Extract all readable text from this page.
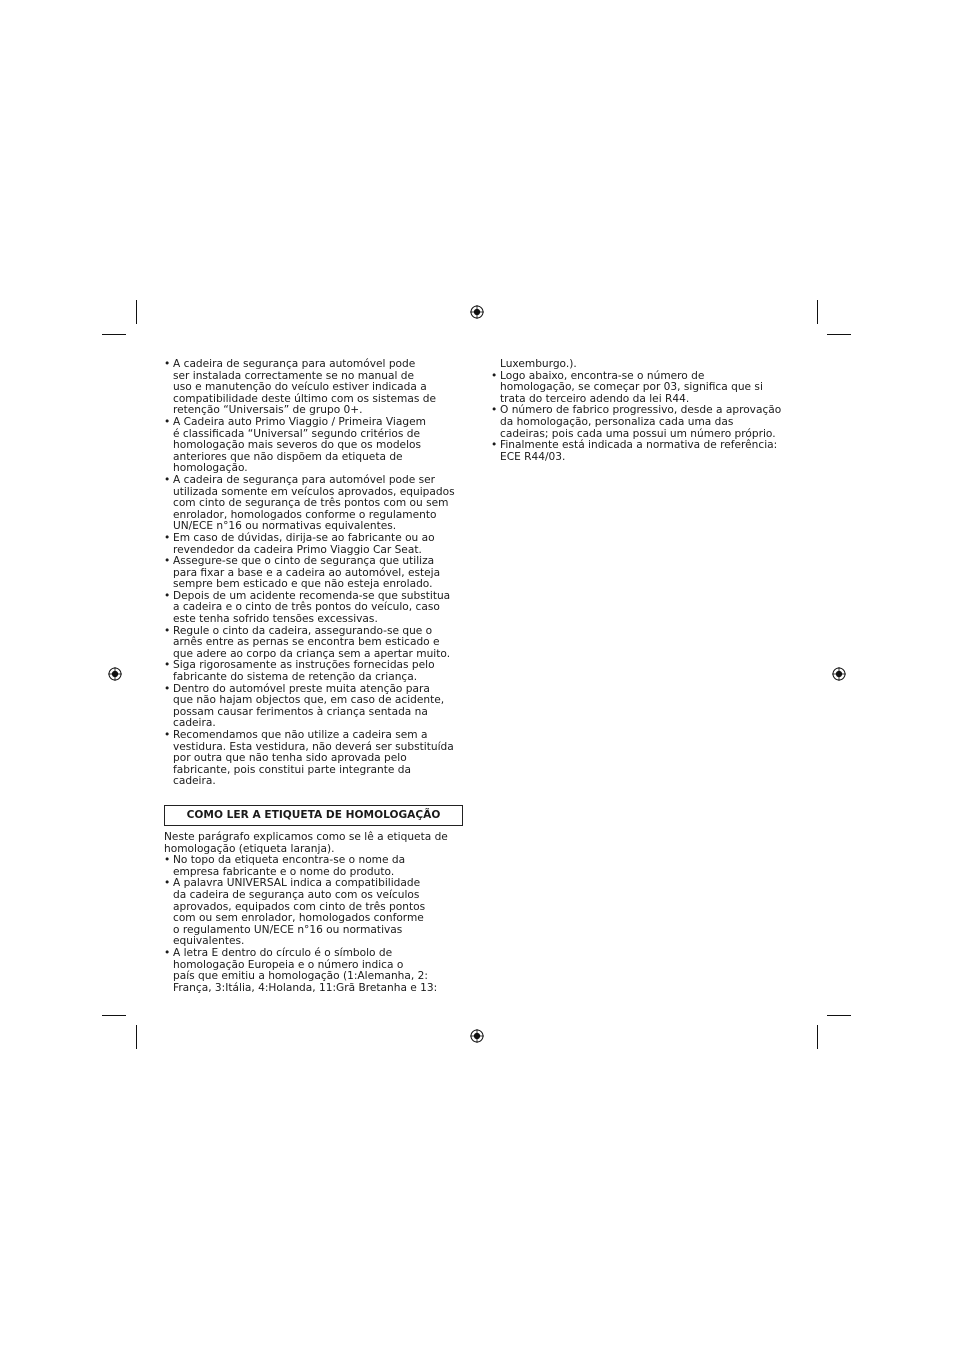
• A cadeira de segurança para automóvel pode
ser instalada correctamente se no manual de
uso e manutenção do veículo estiver indicada a
compatibilidade deste último com os sistemas de
retenção “Universais” de grupo 0+.
• A Cadeira auto Primo Viaggio / Primeira Viagem
é classificada “Universal” segundo critérios de
homologação mais severos do que os modelos
anteriores que não dispõem da etiqueta de
homologação.
• A cadeira de segurança para automóvel pode ser
utilizada somente em veículos aprovados, equipados
com cinto de segurança de três pontos com ou sem
enrolador, homologados conforme o regulamento
UN/ECE n°16 ou normativas equivalentes.
• Em caso de dúvidas, dirija-se ao fabricante ou ao
revendedor da cadeira Primo Viaggio Car Seat.
• Assegure-se que o cinto de segurança que utiliza
para fixar a base e a cadeira ao automóvel, esteja
sempre bem esticado e que não esteja enrolado.
• Depois de um acidente recomenda-se que substitua
a cadeira e o cinto de três pontos do veículo, caso
este tenha sofrido tensões excessivas.
• Regule o cinto da cadeira, assegurando-se que o
arnês entre as pernas se encontra bem esticado e
que adere ao corpo da criança sem a apertar muito.
• Siga rigorosamente as instruções fornecidas pelo
fabricante do sistema de retenção da criança.
• Dentro do automóvel preste muita atenção para
que não hajam objectos que, em caso de acidente,
possam causar ferimentos à criança sentada na
cadeira.
• Recomendamos que não utilize a cadeira sem a
vestidura. Esta vestidura, não deverá ser substituída
por outra que não tenha sido aprovada pelo
fabricante, pois constitui parte integrante da
cadeira.
COMO LER A ETIQUETA DE HOMOLOGAÇÃO
Neste parágrafo explicamos como se lê a etiqueta de
homologação (etiqueta laranja).
• No topo da etiqueta encontra-se o nome da
empresa fabricante e o nome do produto.
• A palavra UNIVERSAL indica a compatibilidade
da cadeira de segurança auto com os veículos
aprovados, equipados com cinto de três pontos
com ou sem enrolador, homologados conforme
o regulamento UN/ECE n°16 ou normativas
equivalentes.
• A letra E dentro do círculo é o símbolo de
homologação Europeia e o número indica o
país que emitiu a homologação (1:Alemanha, 2:
França, 3:Itália, 4:Holanda, 11:Grã Bretanha e 13:
Luxemburgo.).
• Logo abaixo, encontra-se o número de
homologação, se começar por 03, significa que si
trata do terceiro adendo da lei R44.
• O número de fabrico progressivo, desde a aprovação
da homologação, personaliza cada uma das
cadeiras; pois cada uma possui um número próprio.
• Finalmente está indicada a normativa de referência:
ECE R44/03.
